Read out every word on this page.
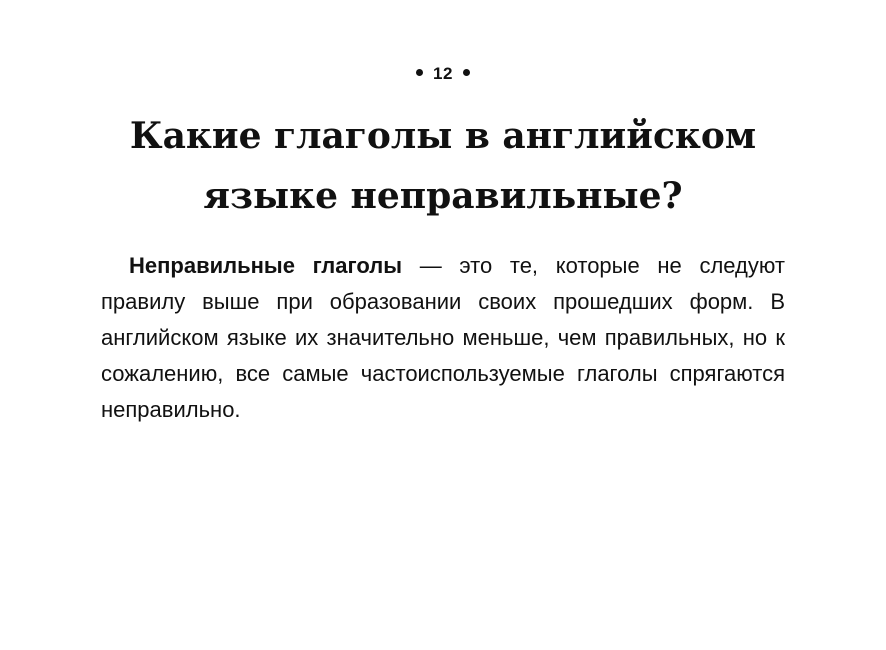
12
Какие глаголы в английском
языке неправильные?

Неправильные глаголы — это те, которые не следуют правилу выше при образовании своих прошедших форм. В английском языке их значительно меньше, чем правильных, но к сожалению, все самые частоиспользуемые глаголы спрягаются неправильно.
